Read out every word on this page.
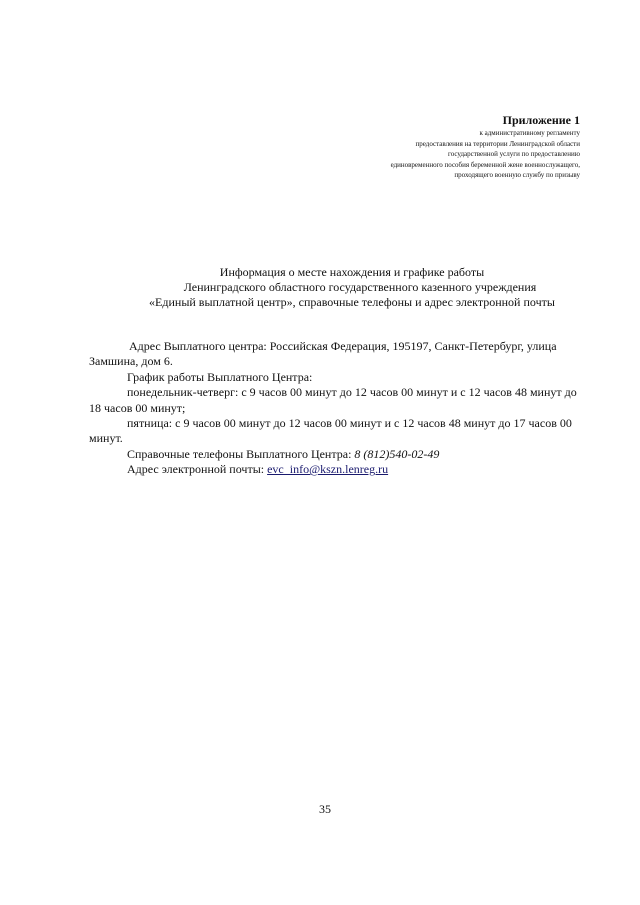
Приложение 1
к административному регламенту
предоставления на территории Ленинградской области
государственной услуги по предоставлению
единовременного пособия беременной жене военнослужащего,
проходящего военную службу по призыву
Информация о месте нахождения и графике работы
Ленинградского областного государственного казенного учреждения
«Единый выплатной центр», справочные телефоны и адрес электронной почты

Адрес Выплатного центра: Российская Федерация, 195197, Санкт-Петербург, улица Замшина, дом 6.

График работы Выплатного Центра:

понедельник-четверг: с 9 часов 00 минут до 12 часов 00 минут и с 12 часов 48 минут до 18 часов 00 минут;

пятница: с 9 часов 00 минут до 12 часов 00 минут и с 12 часов 48 минут до 17 часов 00 минут.

Справочные телефоны Выплатного Центра: 8 (812)540-02-49

Адрес электронной почты: evc_info@kszn.lenreg.ru

35
